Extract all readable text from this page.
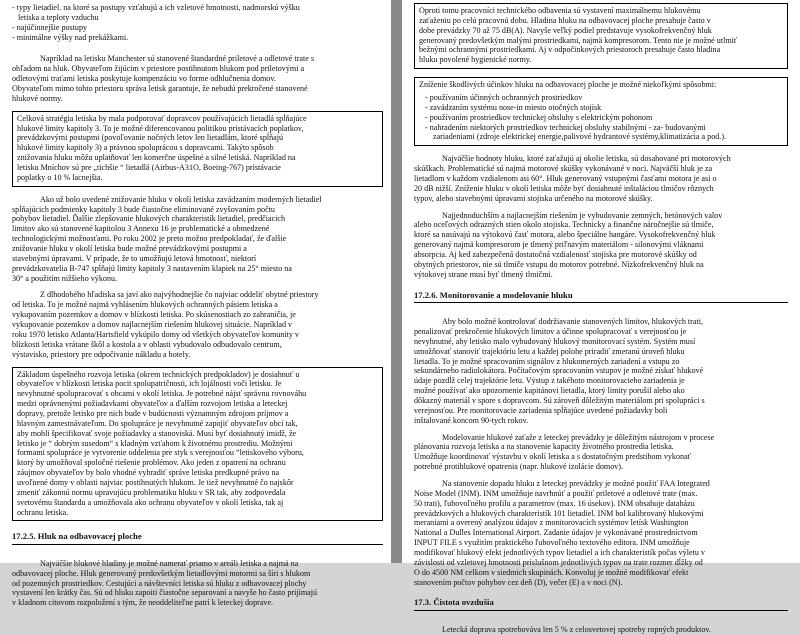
- typy lietadiel. na ktoré sa postupy vzťahujú a ich vzletové hmotnosti, nadmorskú výšku
letiska a teploty vzduchu
- najúčinnejšie postupy
- minimálne výšky nad prekážkami.
Napríklad na letisku Manchester sú stanovené štandardné priletové a odletové trate s
ohľadom na hluk. Obyvateľom žijúcim v priestore postihnutom hlukom pod priletovými a
odletovými traťami letiska poskytuje kompenzáciu vo forme odhlučnenia domov.
Obyvateľom mimo tohto priestoru správa letisk garantuje, že nebudú prekročené stanovené
hlukové normy.
Celková stratégia letiska by mala podporovať dopravcov používajúcich lietadlá spĺňajúce
hlukové limity kapitoly 3. To je možné diferencovanou politikou pristávacích poplatkov,
prevádzkovými postupmi (povoľovanie nočných letov len lietadlám, ktoré spĺňajú
hlukové limity kapitoly 3) a právnou spoluprácou s dopravcami. Takýto spôsob
znižovania hluku môžu uplatňovať len komerčne úspešné a silné letiská. Napríklad na
letisku Mníchov sú pre „tichšie “ lietadlá (Airbus-A31O, Boeing-767) pristávacie
poplatky o 10 % lacnejšia.
Ako už bolo uvedené znižovanie hluku v okolí letiska zavádzaním moderných lietadiel
spĺňajúcich podmienky kapitoly 3 bude čiastočne eliminované zvyšovaním počtu
pohybov lietadiel. Ďalšie zlepšovanie hlukových charakteristík lietadiel, predčiacich
limitov ako sú stanovené kapitolou 3 Annexu 16 je problematické a obmedzené
technologickými možnosťami. Po roku 2002 je preto možno predpokladať, že ďalšie
znižovanie hluku v okolí letiska bude možné prevádzkovými postupmi a
stavebnými úpravami. V prípade, že to umožňujú letová hmotnosť, niektorí
prevádzkovatelia B-747 spĺňajú limity kapitoly 3 nastavením klapiek na 25° miesto na
30° a použitím nižšieho výkonu.
Z dlhodobého hľadiska sa javí ako najvýhodnejšie čo najviac oddeliť obytné priestory
od letiska. To je možné najmä vyhlásením hlukových ochranných pásiem letiska a
vykupovaním pozemkov a domov v blízkosti letiska. Po skúsenostiach zo zahraničia, je
vykupovanie pozemkov a domov najlacnejším riešením hlukovej situácie. Napríklad v
roku 1970 letisko Atlanta/Hartsfield vykúpilo domy od všetkých obyvateľov komunity v
blízkosti letiska vrátane škôl a kostola a v oblasti vybudovalo odbudovalo centrum,
výstavisko, priestory pre odpočivanie nákladu a hotely.
Základom úspešného rozvoja letiska (okrem technických predpokladov) je dosiahnuť u
obyvateľov v blízkosti letiska pocit spolupatričnosti, ich lojálnosti voči letisku. Je
nevyhnutné spolupracovať s obcami v okolí letiska. Je potrebné nájsť správnu rovnováhu
medzi oprávnenými požiadavkami obyvateľov a ďalším rozvojom letiska a leteckej
dopravy, pretože letisko pre nich bude v budúcnosti významným zdrojom príjmov a
hlavným zamestnávateľom. Do spolupráce je nevyhnutné zapojiť obyvateľov obcí tak,
aby mohli špecifikovať svoje požiadavky a stanoviská. Musí byť dosiahnutý imidž, že
letisko je “ dobrým susedom“ s kladným vzťahom k životnému prostrediu. Možnými
formami spolupráce je vytvorenie oddelenia pre styk s verejnosťou “letiskového výboru,
ktorý by umožňoval spoločné riešenie problémov. Ako jeden z opatrení na ochranu
záujmov obyvateľov by bolo vhodné vyhradiť správe letiska predkupné právo na
uvoľnené domy v oblasti najviac postihnutých hlukom. Je tiež nevyhnutné čo najskôr
zmeniť zákonnú normu upravujúcu problematiku hluku v SR tak, aby zodpovedala
svetovému štandardu a umožňovala ako ochranu obyvateľov v okolí letiska, tak aj
ochranu letiska.
17.2.5. Hluk na odbavovacej ploche
Najväčšie hlukové hladiny je možné namerať priamo v areáli letiska a najmä na
odbavovacej ploche. Hluk generovaný predovšetkým lietadlovými motormi sa šíri s hlukom
od pozemných prostriedkov. Cestujúci a návštevníci letiska sú hluku z odbavovacej plochy
vystavení len krátky čas. Sú od hluku zapoiti čiastočne separovaní a navyše ho často prijímajú
v kladnom citovom rozpoložení s tým, že neoddeliteľne patrí k leteckej doprave.
Oproti tomu pracovníci technického odbavenia sú vystavení maximálnemu hlukovému
zaťaženiu po celú pracovnú dobu. Hladina hluku na odbavovacej ploche presahuje často v
dobe prevádzky 70 až 75 dB(A). Navyše veľký podiel predstavuje vysokofrekvenčný hluk
generovaný predovšetkým malými prostriedkami, najmä kompresorom. Tento nie je možné utlmiť
bežnými ochrannými prostriedkami. Aj v odpočinkových priestoroch presahuje často hladina
hluku povolené hygienické normy.
Zníženie škodlivých účinkov hluku na odbavovacej ploche je možné niekoľkými spôsobmi:
- používaním účinných ochranných prostriedkov
- zavádzaním systému nose-in miesto otočných stojísk
- používaním prostriedkov technickej obsluhy s elektrickým pohonom
- nahradením niektorých prostriedkov technickej obsluhy stabilnými - za- budovanými
zariadeniami (zdroje elektrickej energie,palivové hydrantové systémy,klimatizácia a pod.).
Najväčšie hodnoty hluku, ktoré zaťažujú aj okolie letiska, sú dosahované pri motorových
skúškach. Problematické sú najmä motorové skúšky vykonávané v noci. Najväčší hluk je za
lietadlom v každom vzdialenom asi 60°. Hluk generovaný vstupnými časťami motora je asi o
20 dB nižší. Zníženie hluku v okolí letiska môže byť dosiahnuté inštaláciou tlmičov rôznych
typov, alebo stavebnými úpravami stojiska určeného na motorové skúšky.
Najjednoduchším a najlacnejším riešením je vybudovanie zemných, betónových valov
alebo oceľových odrazných stien okolo stojiska. Technicky a finančne náročnejšie sú tlmiče,
ktoré sa nasúvajú na výtokovú časť motora, alebo špeciálne hangáre. Vysokofrekvenčný hluk
generovaný najmä kompresorom je tlmený priľnavým materiálom - silonovými vláknami
absorpcia. Aj ked zabezpečená dostatočná vzdialenosť stojiska pre motorové skúšky od
obytných priestorov, nie sú tlmiče vstupu do motorov potrebné. Nízkofrekvenčný hluk na
výtokovej strane musí byť tlmený tlmičmi.
17.2.6. Monitorovanie a modelovanie hluku
Aby bolo možné kontrolovať dodržiavanie stanovených limitov, hlukových trati,
penalizovať prekročenie hlukových limitov a účinne spolupracovať s verejnosťou je
nevyhnutné, aby letisko malo vybudovaný hlukový monitorovací systém. Systém musí
umožňovať stanoviť trajektóriu letu a každej polohe priradiť zmeranú úroveň hluku
lietadla. To je možné spracovaním signálov z hlukomerných zariadení a vstupu zo
sekundárneho radiolokátora. Počítačovým spracovaním vstupov je možné získať hlukové
údaje pozdĺž celej trajektórie letu. Výstup z takéhoto monitorovacieho zariadenia je
možné používať ako upozornenie kapitánovi lietadla, ktorý limity porušil alebo ako
dôkazný materiál v spore s dopravcom. Sú zároveň dôležitým materiálom pri spolupráci s
verejnosťou. Pre monitorovacie zariadenia spĺňajúce uvedené požiadavky boli
inštalované koncom 90-tych rokov.
Modelovanie hlukové zaťaže z leteckej prevádzky je dôležitým nástrojom v procese
plánovania rozvoja letiska a na stanovenie kapacity životného prostredia letiska.
Umožňuje koordinovať výstavbu v okolí letiska a s dostatočným predstihom vykonať
potrebné protihlukové opatrenia (napr. hlukové izolácie domov).
Na stanovenie dopadu hluku z leteckej prevádzky je možné použiť FAA Integrated
Noise Model (INM). INM umožňuje navrhnúť a použiť priletové a odletové trate (max.
50 trati), ľubovoľného profilu a parametrov (max. 16 úsekov). INM obsahuje databázu
prevádzkových a hlukových charakteristík 101 lietadiel. INM bol kalibrovaný hlukovými
meraniami a overený analýzou údajov z monitorovacích systémov letísk Washington
National a Dulles International Airport. Zadanie údajov je vykonávané prostredníctvom
INPUT FILE s využitím praktického ľubovoľného textového editora. INM umožňuje
modifikovať hlukový efekt jednotlivých typov lietadiel a ich charakteristík počas výletu v
závislosti od vzletovej hmotnosti príslušnom jednotlivých typov na trate rozmer dĺžky od
O do 4500 NM celkom v siedmich skupinách. Konvoluj je možné modifikovať efekt
stanovením počtov pohybov cez deň (D), večer (E) a v noci (N).
17.3. Čistota ovzdušia
Letecká doprava spotrebováva len 5 % z celosvetovej spotreby ropných produktov.
